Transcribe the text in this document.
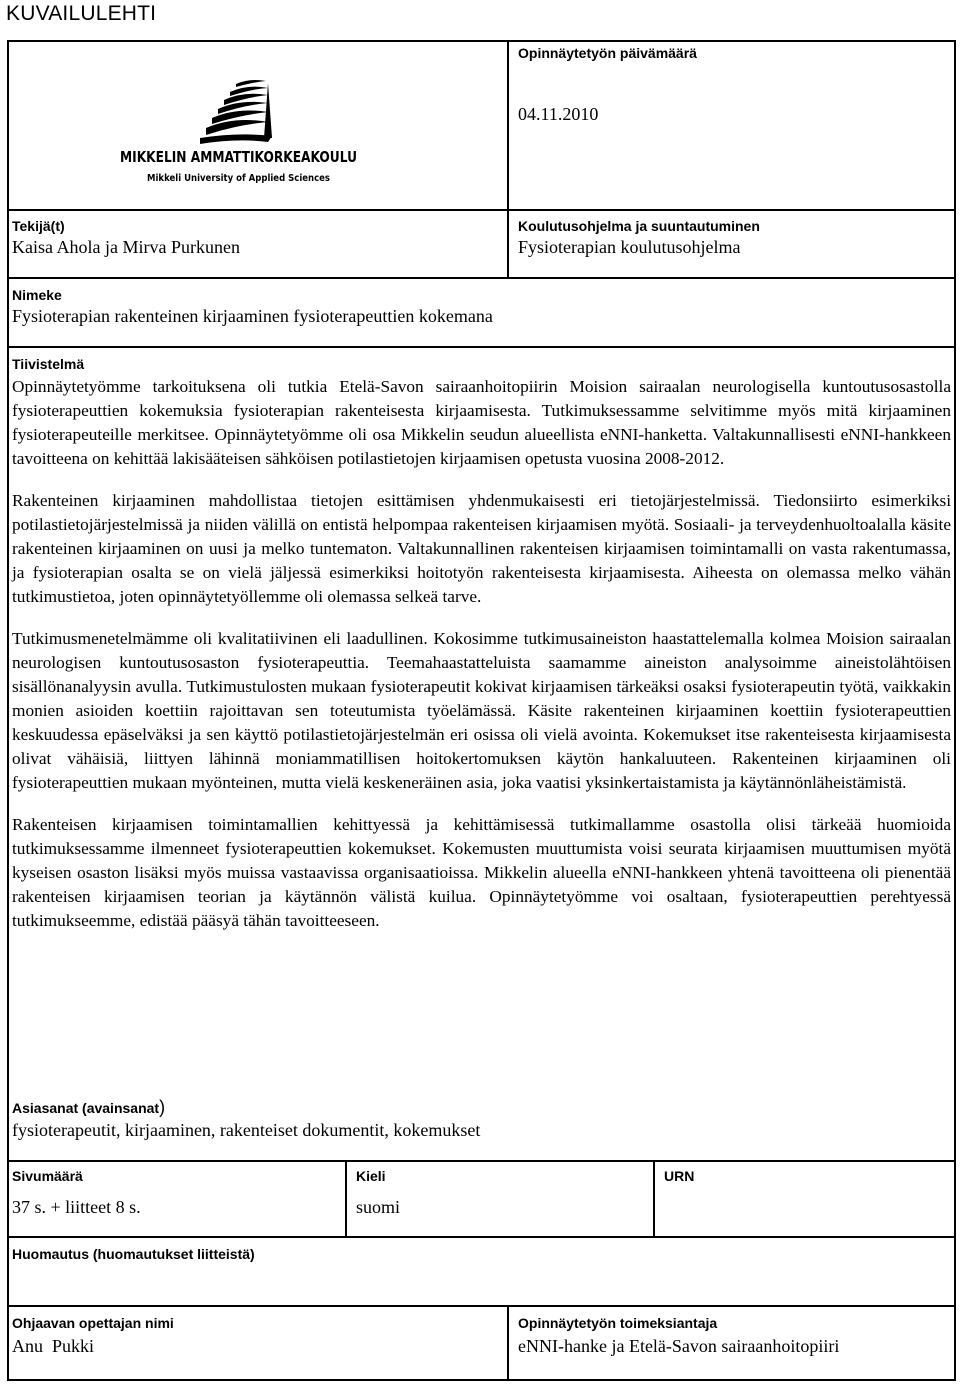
KUVAILULEHTI
MIKKELIN AMMATTIKORKEAKOULU
Mikkeli University of Applied Sciences
Opinnäytetyön päivämäärä
04.11.2010
Tekijä(t)
Kaisa Ahola ja Mirva Purkunen
Koulutusohjelma ja suuntautuminen
Fysioterapian koulutusohjelma
Nimeke
Fysioterapian rakenteinen kirjaaminen fysioterapeuttien kokemana
Tiivistelmä

Opinnäytetyömme tarkoituksena oli tutkia Etelä-Savon sairaanhoitopiirin Moision sairaalan neurologisella kuntoutusosastolla fysioterapeuttien kokemuksia fysioterapian rakenteisesta kirjaamisesta. Tutkimuksessamme selvitimme myös mitä kirjaaminen fysioterapeuteille merkitsee. Opinnäytetyömme oli osa Mikkelin seudun alueellista eNNI-hanketta. Valtakunnallisesti eNNI-hankkeen tavoitteena on kehittää lakisääteisen sähköisen potilastietojen kirjaamisen opetusta vuosina 2008-2012.

Rakenteinen kirjaaminen mahdollistaa tietojen esittämisen yhdenmukaisesti eri tietojärjestelmissä. Tiedonsiirto esimerkiksi potilastietojärjestelmissä ja niiden välillä on entistä helpompaa rakenteisen kirjaamisen myötä. Sosiaali- ja terveydenhuoltoalalla käsite rakenteinen kirjaaminen on uusi ja melko tuntematon. Valtakunnallinen rakenteisen kirjaamisen toimintamalli on vasta rakentumassa, ja fysioterapian osalta se on vielä jäljessä esimerkiksi hoitotyön rakenteisesta kirjaamisesta. Aiheesta on olemassa melko vähän tutkimustietoa, joten opinnäytetyöllemme oli olemassa selkeä tarve.

Tutkimusmenetelmämme oli kvalitatiivinen eli laadullinen. Kokosimme tutkimusaineiston haastattelemalla kolmea Moision sairaalan neurologisen kuntoutusosaston fysioterapeuttia. Teemahaastatteluista saamamme aineiston analysoimme aineistolähtöisen sisällönanalyysin avulla. Tutkimustulosten mukaan fysioterapeutit kokivat kirjaamisen tärkeäksi osaksi fysioterapeutin työtä, vaikkakin monien asioiden koettiin rajoittavan sen toteutumista työelämässä. Käsite rakenteinen kirjaaminen koettiin fysioterapeuttien keskuudessa epäselväksi ja sen käyttö potilastietojärjestelmän eri osissa oli vielä avointa. Kokemukset itse rakenteisesta kirjaamisesta olivat vähäisiä, liittyen lähinnä moniammatillisen hoitokertomuksen käytön hankaluuteen. Rakenteinen kirjaaminen oli fysioterapeuttien mukaan myönteinen, mutta vielä keskeneräinen asia, joka vaatisi yksinkertaistamista ja käytännönläheistämistä.

Rakenteisen kirjaamisen toimintamallien kehittyessä ja kehittämisessä tutkimallamme osastolla olisi tärkeää huomioida tutkimuksessamme ilmenneet fysioterapeuttien kokemukset. Kokemusten muuttumista voisi seurata kirjaamisen muuttumisen myötä kyseisen osaston lisäksi myös muissa vastaavissa organisaatioissa. Mikkelin alueella eNNI-hankkeen yhtenä tavoitteena oli pienentää rakenteisen kirjaamisen teorian ja käytännön välistä kuilua. Opinnäytetyömme voi osaltaan, fysioterapeuttien perehtyessä tutkimukseemme, edistää pääsyä tähän tavoitteeseen.

Asiasanat (avainsanat)
fysioterapeutit, kirjaaminen, rakenteiset dokumentit, kokemukset
Sivumäärä
37 s. + liitteet 8 s.
Kieli
suomi
URN
Huomautus (huomautukset liitteistä)
Ohjaavan opettajan nimi
Anu  Pukki
Opinnäytetyön toimeksiantaja
eNNI-hanke ja Etelä-Savon sairaanhoitopiiri
